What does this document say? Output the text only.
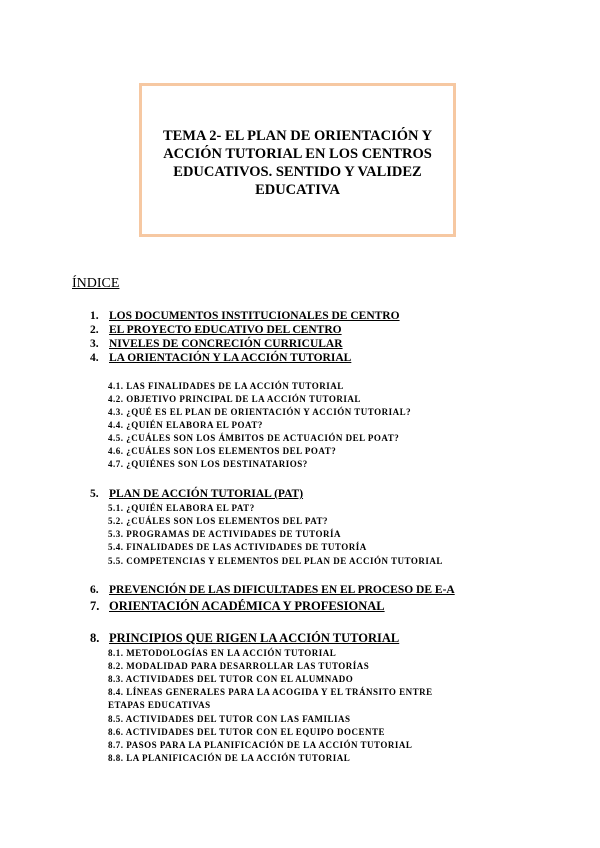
TEMA 2- EL PLAN DE ORIENTACIÓN Y ACCIÓN TUTORIAL EN LOS CENTROS EDUCATIVOS. SENTIDO Y VALIDEZ EDUCATIVA
ÍNDICE
1. LOS DOCUMENTOS INSTITUCIONALES DE CENTRO
2. EL PROYECTO EDUCATIVO DEL CENTRO
3. NIVELES DE CONCRECIÓN CURRICULAR
4. LA ORIENTACIÓN Y LA ACCIÓN TUTORIAL
4.1. LAS FINALIDADES DE LA ACCIÓN TUTORIAL
4.2. OBJETIVO PRINCIPAL DE LA ACCIÓN TUTORIAL
4.3. ¿QUÉ ES EL PLAN DE ORIENTACIÓN Y ACCIÓN TUTORIAL?
4.4. ¿QUIÉN ELABORA EL POAT?
4.5. ¿CUÁLES SON LOS ÁMBITOS DE ACTUACIÓN DEL POAT?
4.6. ¿CUÁLES SON LOS ELEMENTOS DEL POAT?
4.7. ¿QUIÉNES SON LOS DESTINATARIOS?
5. PLAN DE ACCIÓN TUTORIAL (PAT)
5.1. ¿QUIÉN ELABORA EL PAT?
5.2. ¿CUÁLES SON LOS ELEMENTOS DEL PAT?
5.3. PROGRAMAS DE ACTIVIDADES DE TUTORÍA
5.4. FINALIDADES DE LAS ACTIVIDADES DE TUTORÍA
5.5. COMPETENCIAS Y ELEMENTOS DEL PLAN DE ACCIÓN TUTORIAL
6. PREVENCIÓN DE LAS DIFICULTADES EN EL PROCESO DE E-A
7. ORIENTACIÓN ACADÉMICA Y PROFESIONAL
8. PRINCIPIOS QUE RIGEN LA ACCIÓN TUTORIAL
8.1. METODOLOGÍAS EN LA ACCIÓN TUTORIAL
8.2. MODALIDAD PARA DESARROLLAR LAS TUTORÍAS
8.3. ACTIVIDADES DEL TUTOR CON EL ALUMNADO
8.4. LÍNEAS GENERALES PARA LA ACOGIDA Y EL TRÁNSITO ENTRE
ETAPAS EDUCATIVAS
8.5. ACTIVIDADES DEL TUTOR CON LAS FAMILIAS
8.6. ACTIVIDADES DEL TUTOR CON EL EQUIPO DOCENTE
8.7. PASOS PARA LA PLANIFICACIÓN DE LA ACCIÓN TUTORIAL
8.8. LA PLANIFICACIÓN DE LA ACCIÓN TUTORIAL
